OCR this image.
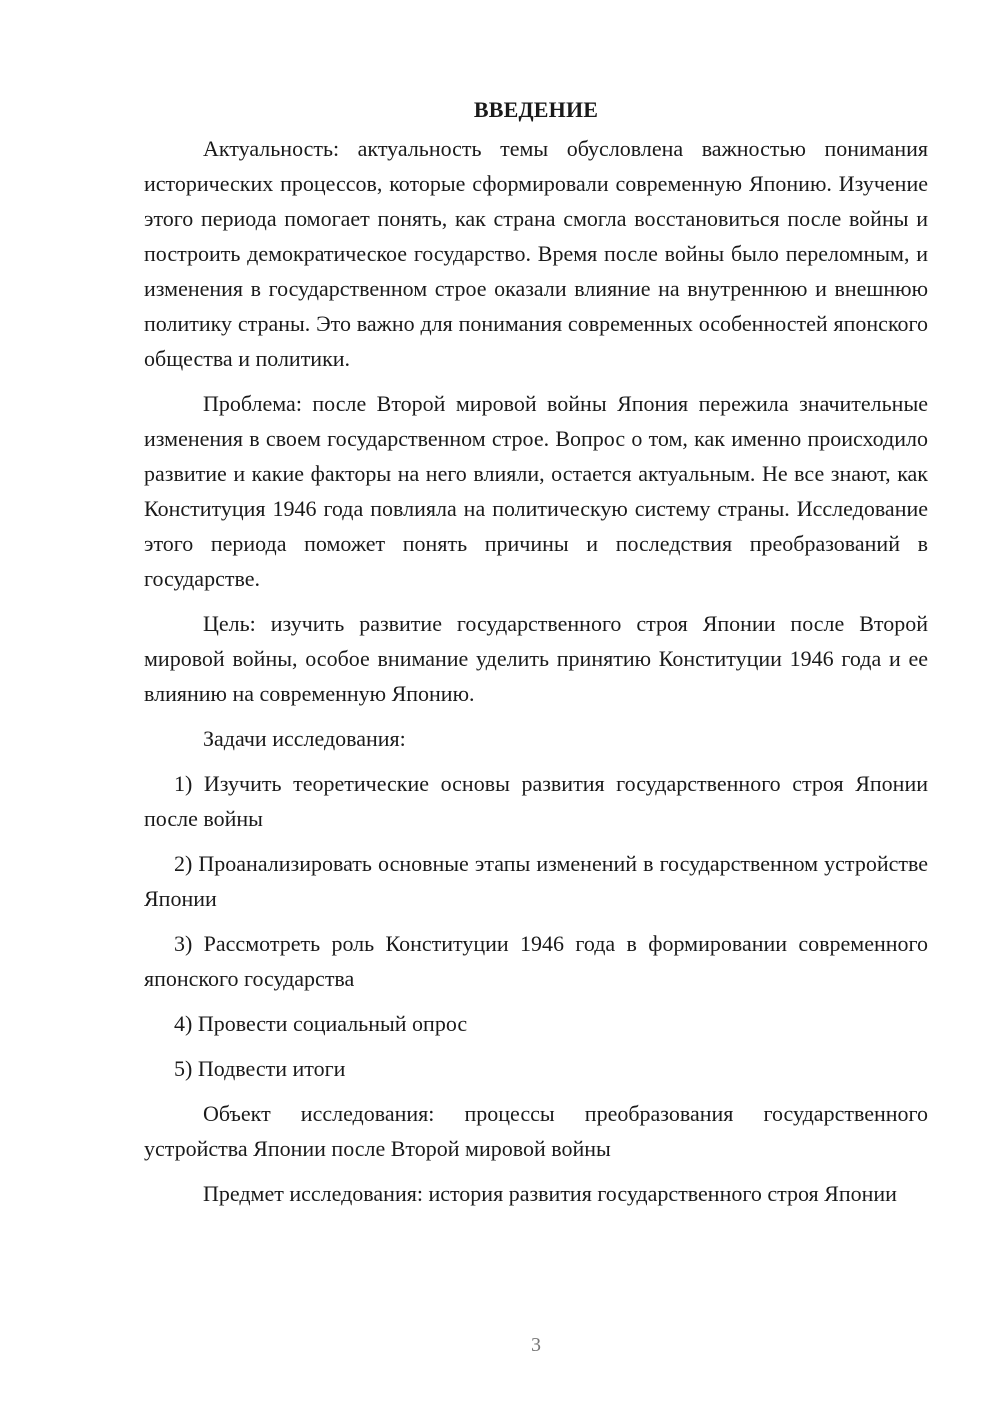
ВВЕДЕНИЕ

Актуальность: актуальность темы обусловлена важностью понимания исторических процессов, которые сформировали современную Японию. Изучение этого периода помогает понять, как страна смогла восстановиться после войны и построить демократическое государство. Время после войны было переломным, и изменения в государственном строе оказали влияние на внутреннюю и внешнюю политику страны. Это важно для понимания современных особенностей японского общества и политики.

Проблема: после Второй мировой войны Япония пережила значительные изменения в своем государственном строе. Вопрос о том, как именно происходило развитие и какие факторы на него влияли, остается актуальным. Не все знают, как Конституция 1946 года повлияла на политическую систему страны. Исследование этого периода поможет понять причины и последствия преобразований в государстве.

Цель: изучить развитие государственного строя Японии после Второй мировой войны, особое внимание уделить принятию Конституции 1946 года и ее влиянию на современную Японию.

Задачи исследования:

1) Изучить теоретические основы развития государственного строя Японии после войны

2) Проанализировать основные этапы изменений в государственном устройстве Японии

3) Рассмотреть роль Конституции 1946 года в формировании современного японского государства

4) Провести социальный опрос

5) Подвести итоги

Объект исследования: процессы преобразования государственного устройства Японии после Второй мировой войны

Предмет исследования: история развития государственного строя Японии

3
